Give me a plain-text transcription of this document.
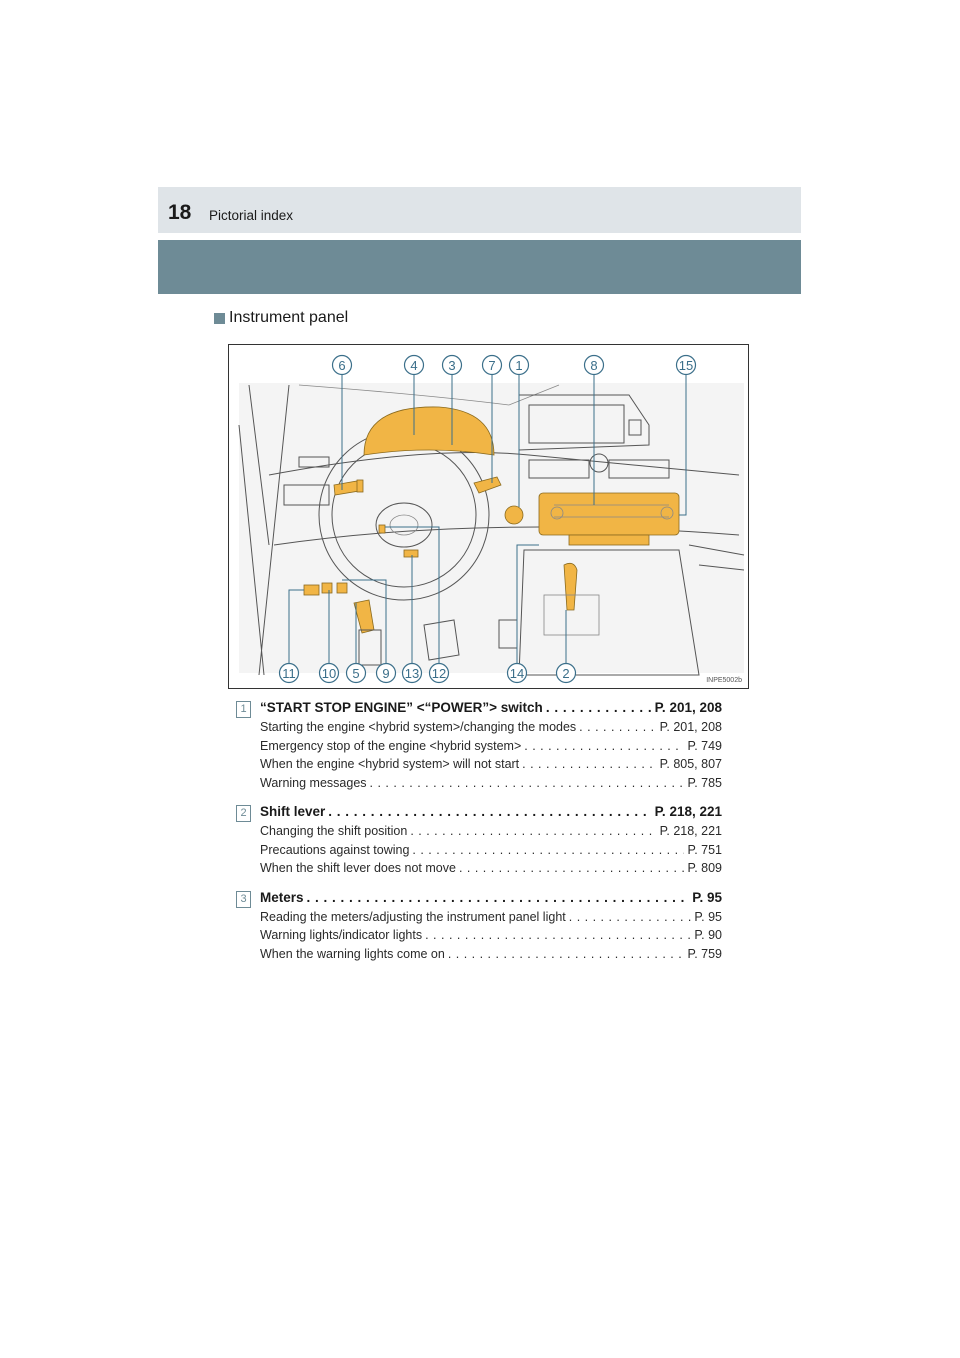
18 Pictorial index
Instrument panel
6	4 3	7 1	8	15
11 10 5 9 13 12	14	2	INPE5002b
1 “START STOP ENGINE” <“POWER”> switch . . .	P. 201, 208
Starting the engine <hybrid system>/changing the modes . . .	P. 201, 208
Emergency stop of the engine <hybrid system> . . .	P. 749
When the engine <hybrid system> will not start . . .	P. 805, 807
Warning messages . . .	P. 785
2 Shift lever . . .	P. 218, 221
Changing the shift position . . .	P. 218, 221
Precautions against towing . . .	P. 751
When the shift lever does not move . . .	P. 809
3 Meters . . .	P. 95
Reading the meters/adjusting the instrument panel light . . .	P. 95
Warning lights/indicator lights . . .	P. 90
When the warning lights come on . . .	P. 759
